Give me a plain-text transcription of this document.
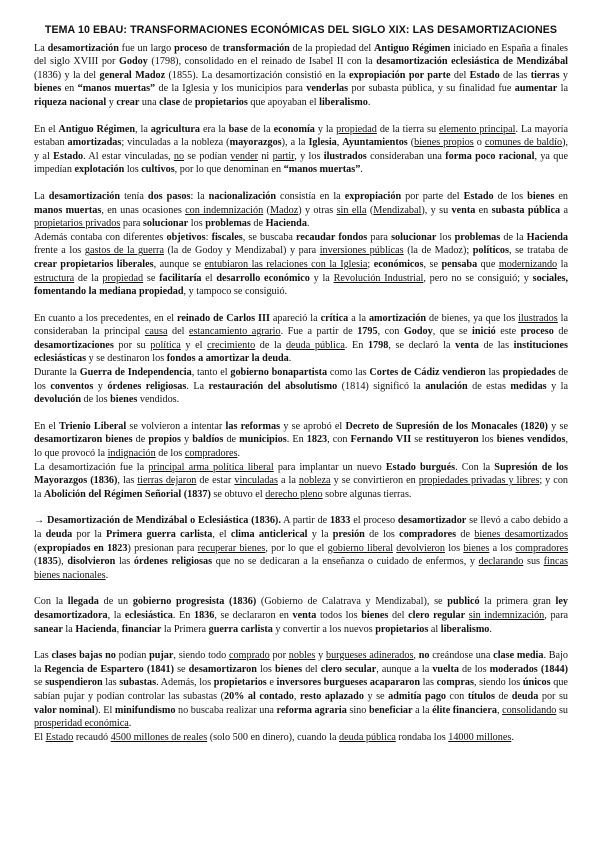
TEMA 10 EBAU: TRANSFORMACIONES ECONÓMICAS DEL SIGLO XIX: LAS DESAMORTIZACIONES

La desamortización fue un largo proceso de transformación de la propiedad del Antiguo Régimen iniciado en España a finales del siglo XVIII por Godoy (1798), consolidado en el reinado de Isabel II con la desamortización eclesiástica de Mendizábal (1836) y la del general Madoz (1855). La desamortización consistió en la expropiación por parte del Estado de las tierras y bienes en “manos muertas” de la Iglesia y los municipios para venderlas por subasta pública, y su finalidad fue aumentar la riqueza nacional y crear una clase de propietarios que apoyaban el liberalismo.

En el Antiguo Régimen, la agricultura era la base de la economía y la propiedad de la tierra su elemento principal. La mayoría estaban amortizadas; vinculadas a la nobleza (mayorazgos), a la Iglesia, Ayuntamientos (bienes propios o comunes de baldío), y al Estado. Al estar vinculadas, no se podían vender ni partir, y los ilustrados consideraban una forma poco racional, ya que impedían explotación los cultivos, por lo que denominan en “manos muertas”.

La desamortización tenía dos pasos: la nacionalización consistía en la expropiación por parte del Estado de los bienes en manos muertas, en unas ocasiones con indemnización (Madoz) y otras sin ella (Mendizabal), y su venta en subasta pública a propietarios privados para solucionar los problemas de Hacienda.
Además contaba con diferentes objetivos: fiscales, se buscaba recaudar fondos para solucionar los problemas de la Hacienda frente a los gastos de la guerra (la de Godoy y Mendizabal) y para inversiones públicas (la de Madoz); políticos, se trataba de crear propietarios liberales, aunque se entubiaron las relaciones con la Iglesia; económicos, se pensaba que modernizando la estructura de la propiedad se facilitaría el desarrollo económico y la Revolución Industrial, pero no se consiguió; y sociales, fomentando la mediana propiedad, y tampoco se consiguió.

En cuanto a los precedentes, en el reinado de Carlos III apareció la crítica a la amortización de bienes, ya que los ilustrados la consideraban la principal causa del estancamiento agrario. Fue a partir de 1795, con Godoy, que se inició este proceso de desamortizaciones por su política y el crecimiento de la deuda pública. En 1798, se declaró la venta de las instituciones eclesiásticas y se destinaron los fondos a amortizar la deuda.
Durante la Guerra de Independencia, tanto el gobierno bonapartista como las Cortes de Cádiz vendieron las propiedades de los conventos y órdenes religiosas. La restauración del absolutismo (1814) significó la anulación de estas medidas y la devolución de los bienes vendidos.

En el Trienio Liberal se volvieron a intentar las reformas y se aprobó el Decreto de Supresión de los Monacales (1820) y se desamortizaron bienes de propios y baldíos de municipios. En 1823, con Fernando VII se restituyeron los bienes vendidos, lo que provocó la indignación de los compradores.
La desamortización fue la principal arma política liberal para implantar un nuevo Estado burgués. Con la Supresión de los Mayorazgos (1836), las tierras dejaron de estar vinculadas a la nobleza y se convirtieron en propiedades privadas y libres; y con la Abolición del Régimen Señorial (1837) se obtuvo el derecho pleno sobre algunas tierras.

→ Desamortización de Mendizábal o Eclesiástica (1836). A partir de 1833 el proceso desamortizador se llevó a cabo debido a la deuda por la Primera guerra carlista, el clima anticlerical y la presión de los compradores de bienes desamortizados (expropiados en 1823) presionan para recuperar bienes, por lo que el gobierno liberal devolvieron los bienes a los compradores (1835), disolvieron las órdenes religiosas que no se dedicaran a la enseñanza o cuidado de enfermos, y declarando sus fincas bienes nacionales.

Con la llegada de un gobierno progresista (1836) (Gobierno de Calatrava y Mendizabal), se publicó la primera gran ley desamortizadora, la eclesiástica. En 1836, se declararon en venta todos los bienes del clero regular sin indemnización, para sanear la Hacienda, financiar la Primera guerra carlista y convertir a los nuevos propietarios al liberalismo.

Las clases bajas no podían pujar, siendo todo comprado por nobles y burgueses adinerados, no creándose una clase media. Bajo la Regencia de Espartero (1841) se desamortizaron los bienes del clero secular, aunque a la vuelta de los moderados (1844) se suspendieron las subastas. Además, los propietarios e inversores burgueses acapararon las compras, siendo los únicos que sabían pujar y podían controlar las subastas (20% al contado, resto aplazado y se admitía pago con títulos de deuda por su valor nominal). El minifundismo no buscaba realizar una reforma agraria sino beneficiar a la élite financiera, consolidando su prosperidad económica.
El Estado recaudó 4500 millones de reales (solo 500 en dinero), cuando la deuda pública rondaba los 14000 millones.
